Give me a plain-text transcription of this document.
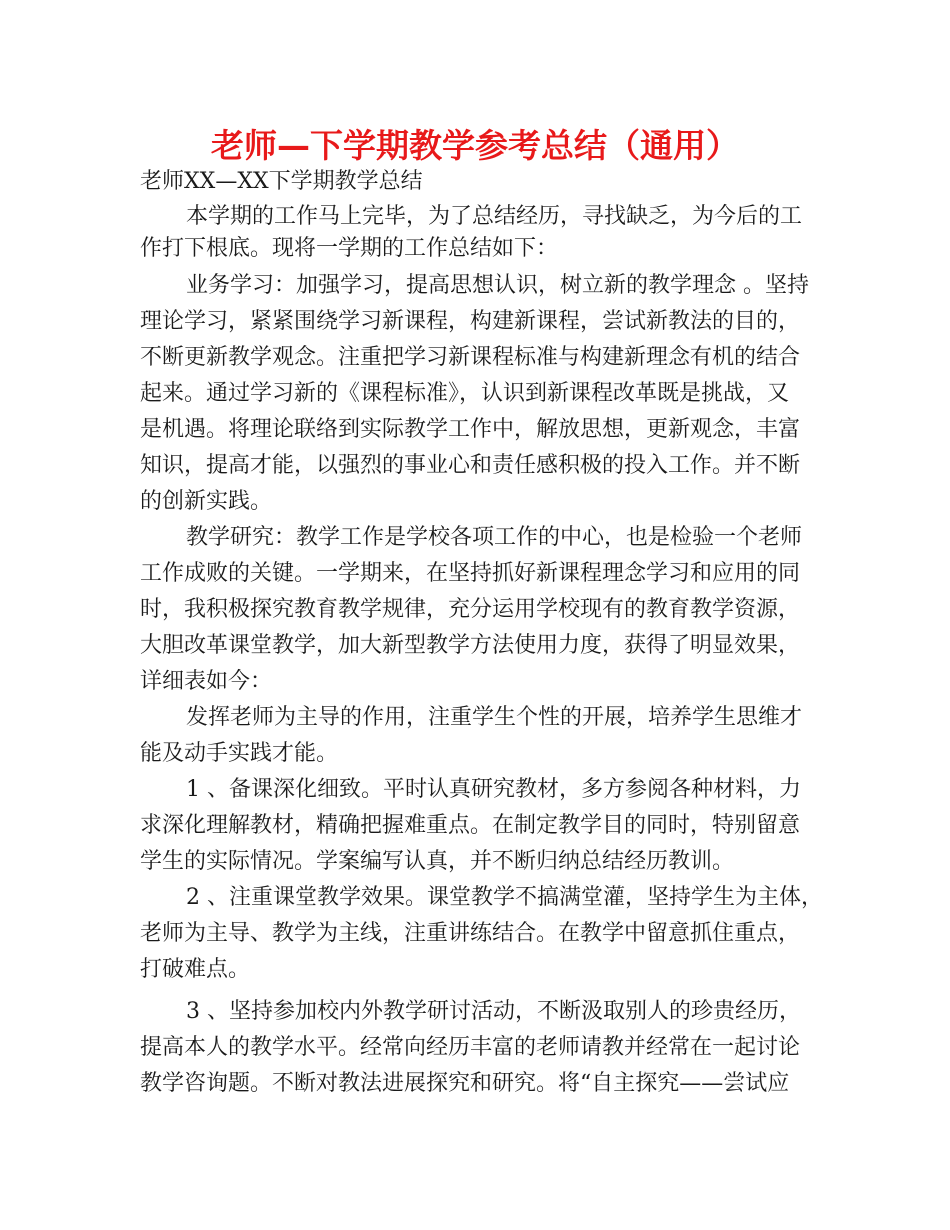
老师—下学期教学参考总结（通用）
老师XX—XX下学期教学总结
本学期的工作马上完毕，为了总结经历，寻找缺乏，为今后的工
作打下根底。现将一学期的工作总结如下：
业务学习：加强学习，提高思想认识，树立新的教学理念 。坚持
理论学习，紧紧围绕学习新课程，构建新课程，尝试新教法的目的，
不断更新教学观念。注重把学习新课程标准与构建新理念有机的结合
起来。通过学习新的《课程标准》，认识到新课程改革既是挑战，又
是机遇。将理论联络到实际教学工作中，解放思想，更新观念，丰富
知识，提高才能，以强烈的事业心和责任感积极的投入工作。并不断
的创新实践。
教学研究：教学工作是学校各项工作的中心，也是检验一个老师
工作成败的关键。一学期来，在坚持抓好新课程理念学习和应用的同
时，我积极探究教育教学规律，充分运用学校现有的教育教学资源，
大胆改革课堂教学，加大新型教学方法使用力度，获得了明显效果，
详细表如今：
发挥老师为主导的作用，注重学生个性的开展，培养学生思维才
能及动手实践才能。
1 、备课深化细致。平时认真研究教材，多方参阅各种材料，力
求深化理解教材，精确把握难重点。在制定教学目的同时，特别留意
学生的实际情况。学案编写认真，并不断归纳总结经历教训。
2 、注重课堂教学效果。课堂教学不搞满堂灌，坚持学生为主体，
老师为主导、教学为主线，注重讲练结合。在教学中留意抓住重点，
打破难点。
3 、坚持参加校内外教学研讨活动，不断汲取别人的珍贵经历，
提高本人的教学水平。经常向经历丰富的老师请教并经常在一起讨论
教学咨询题。不断对教法进展探究和研究。将“自主探究——尝试应
